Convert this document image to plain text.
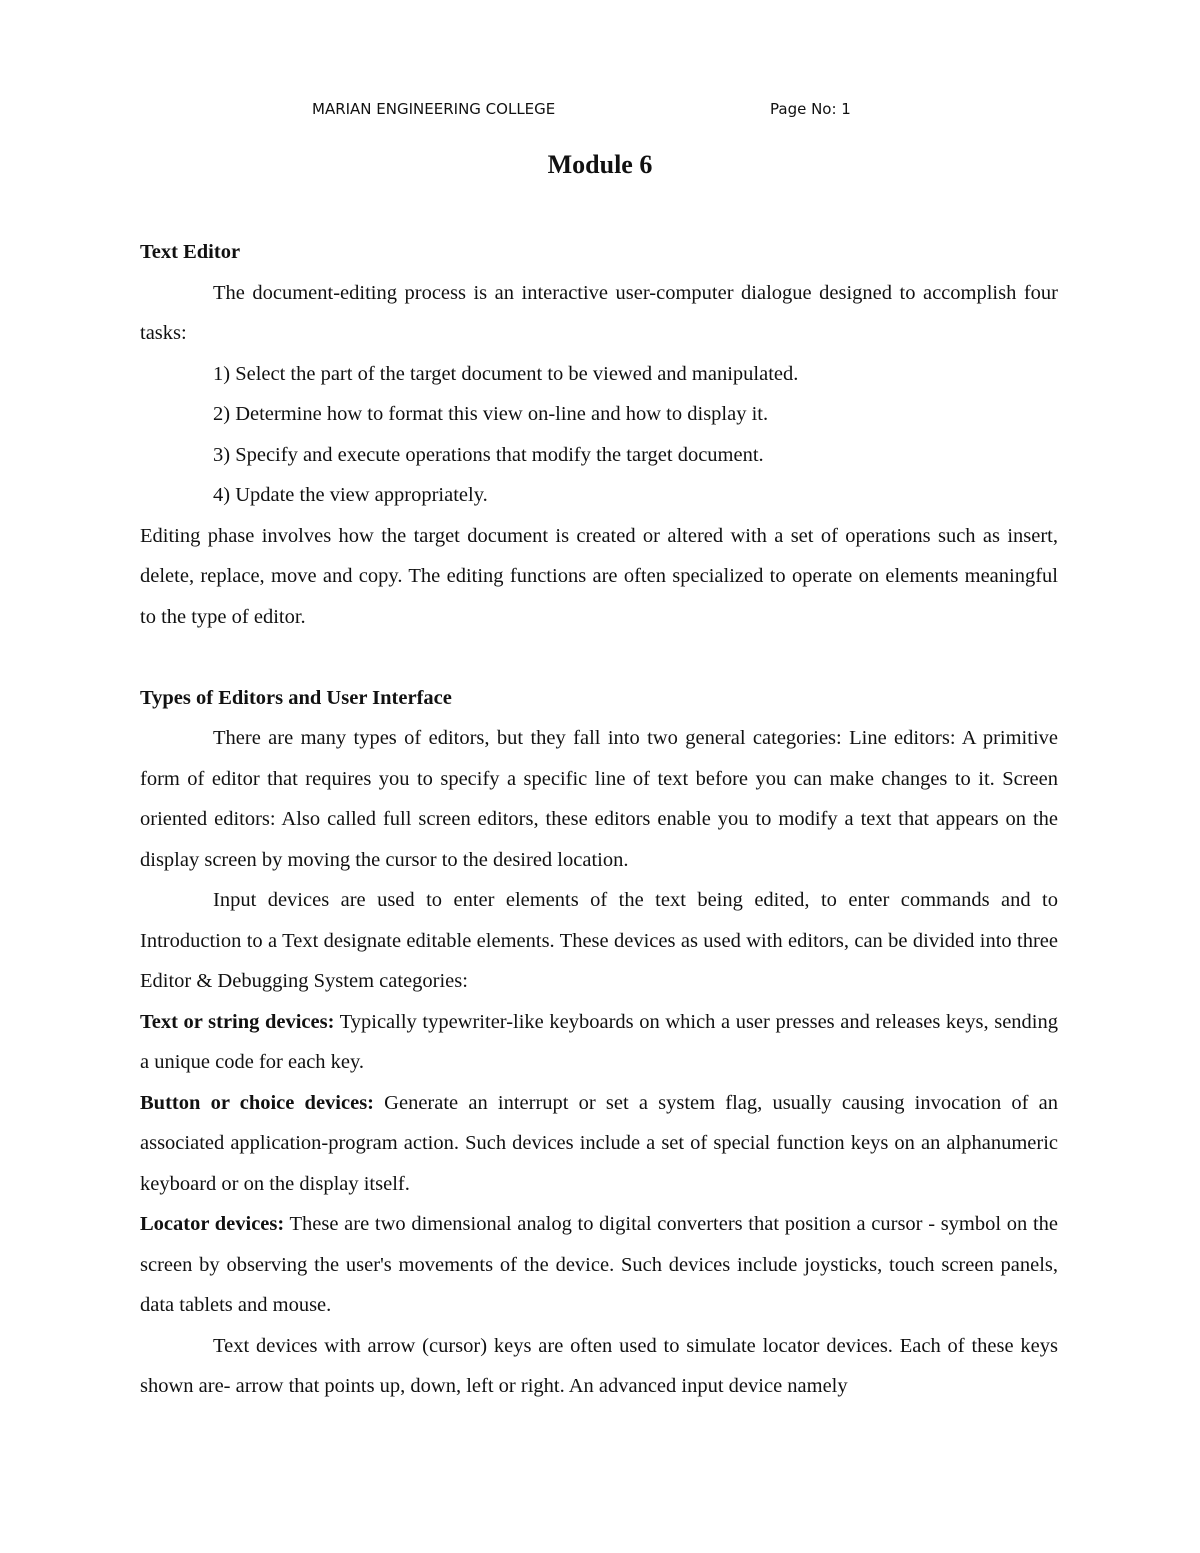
MARIAN ENGINEERING COLLEGE	Page No: 1
Module 6

Text Editor

The document-editing process is an interactive user-computer dialogue designed to accomplish four tasks:

1) Select the part of the target document to be viewed and manipulated.

2) Determine how to format this view on-line and how to display it.

3) Specify and execute operations that modify the target document.

4) Update the view appropriately.

Editing phase involves how the target document is created or altered with a set of operations such as insert, delete, replace, move and copy. The editing functions are often specialized to operate on elements meaningful to the type of editor.

Types of Editors and User Interface

There are many types of editors, but they fall into two general categories: Line editors: A primitive form of editor that requires you to specify a specific line of text before you can make changes to it. Screen oriented editors: Also called full screen editors, these editors enable you to modify a text that appears on the display screen by moving the cursor to the desired location.

Input devices are used to enter elements of the text being edited, to enter commands and to Introduction to a Text designate editable elements. These devices as used with editors, can be divided into three Editor & Debugging System categories:

Text or string devices: Typically typewriter-like keyboards on which a user presses and releases keys, sending a unique code for each key.

Button or choice devices: Generate an interrupt or set a system flag, usually causing invocation of an associated application-program action. Such devices include a set of special function keys on an alphanumeric keyboard or on the display itself.

Locator devices: These are two dimensional analog to digital converters that position a cursor - symbol on the screen by observing the user's movements of the device. Such devices include joysticks, touch screen panels, data tablets and mouse.

Text devices with arrow (cursor) keys are often used to simulate locator devices. Each of these keys shown are- arrow that points up, down, left or right. An advanced input device namely
